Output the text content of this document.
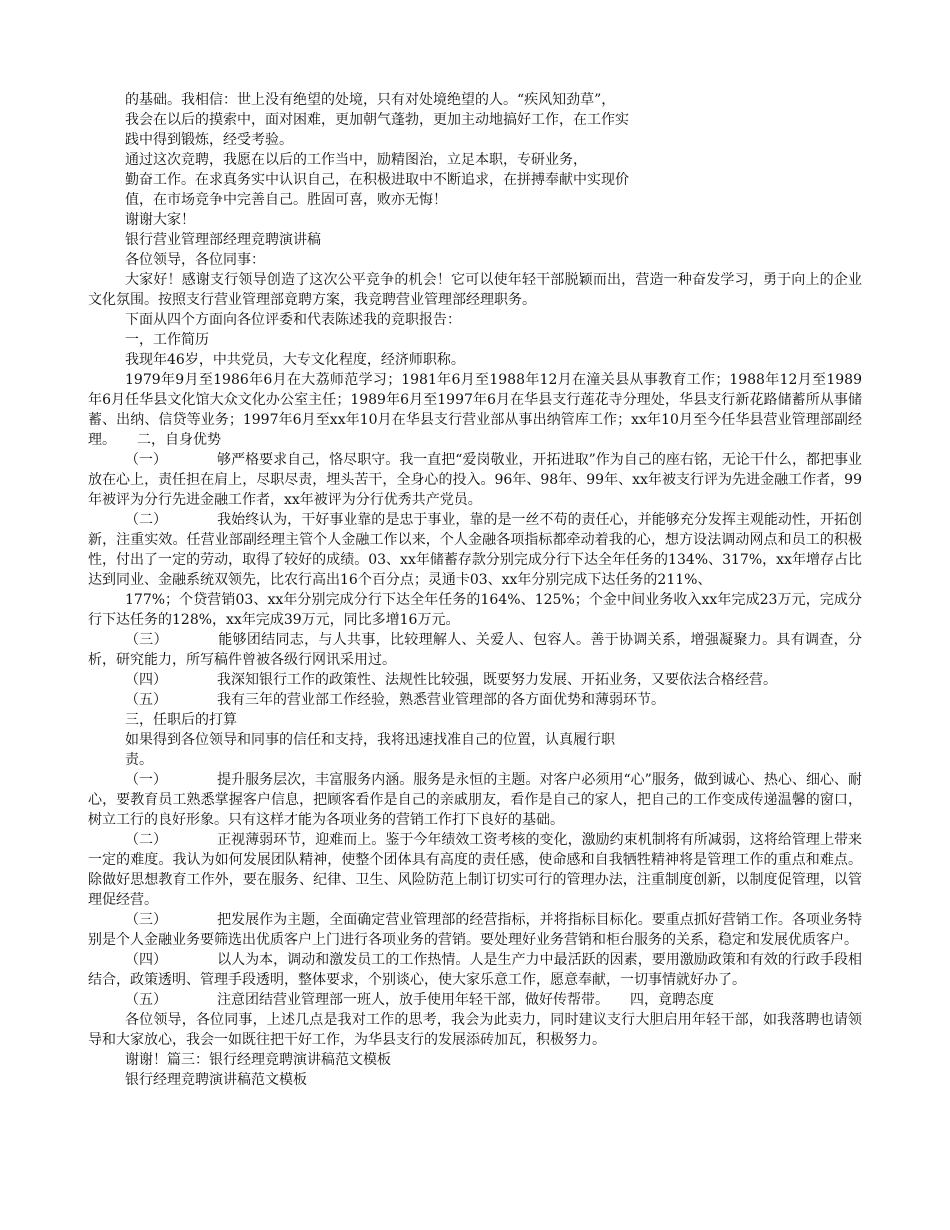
的基础。我相信：世上没有绝望的处境，只有对处境绝望的人。“疾风知劲草”，
我会在以后的摸索中，面对困难，更加朝气蓬勃，更加主动地搞好工作，在工作实
践中得到锻炼，经受考验。
通过这次竞聘，我愿在以后的工作当中，励精图治，立足本职，专研业务，
勤奋工作。在求真务实中认识自己，在积极进取中不断追求，在拼搏奉献中实现价
值，在市场竞争中完善自己。胜固可喜，败亦无悔！
谢谢大家！
银行营业管理部经理竞聘演讲稿
各位领导，各位同事：
大家好！感谢支行领导创造了这次公平竞争的机会！它可以使年轻干部脱颖而出，营造一种奋发学习，勇于向上的企业文化氛围。按照支行营业管理部竟聘方案，我竞聘营业管理部经理职务。
下面从四个方面向各位评委和代表陈述我的竞职报告：
一，工作简历
我现年46岁，中共党员，大专文化程度，经济师职称。
1979年9月至1986年6月在大荔师范学习；1981年6月至1988年12月在潼关县从事教育工作；1988年12月至1989年6月任华县文化馆大众文化办公室主任；1989年6月至1997年6月在华县支行莲花寺分理处，华县支行新花路储蓄所从事储蓄、出纳、信贷等业务；1997年6月至xx年10月在华县支行营业部从事出纳管库工作；xx年10月至今任华县营业管理部副经理。　　二，自身优势
（一）	够严格要求自己，恪尽职守。我一直把“爱岗敬业，开拓进取”作为自己的座右铭，无论干什么，都把事业放在心上，责任担在肩上，尽职尽责，埋头苦干，全身心的投入。96年、98年、99年、xx年被支行评为先进金融工作者，99年被评为分行先进金融工作者，xx年被评为分行优秀共产党员。
（二）	我始终认为，干好事业靠的是忠于事业，靠的是一丝不苟的责任心，并能够充分发挥主观能动性，开拓创新，注重实效。任营业部副经理主管个人金融工作以来，个人金融各项指标都牵动着我的心，想方设法调动网点和员工的积极性，付出了一定的劳动，取得了较好的成绩。03、xx年储蓄存款分别完成分行下达全年任务的134%、317%，xx年增存占比达到同业、金融系统双领先，比农行高出16个百分点；灵通卡03、xx年分别完成下达任务的211%、
177%；个贷营销03、xx年分别完成分行下达全年任务的164%、125%；个金中间业务收入xx年完成23万元，完成分行下达任务的128%，xx年完成39万元，同比多增16万元。
（三）	能够团结同志，与人共事，比较理解人、关爱人、包容人。善于协调关系，增强凝聚力。具有调查，分析，研究能力，所写稿件曾被各级行网讯采用过。
（四）	我深知银行工作的政策性、法规性比较强，既要努力发展、开拓业务，又要依法合格经营。
（五）	我有三年的营业部工作经验，熟悉营业管理部的各方面优势和薄弱环节。
三，任职后的打算
如果得到各位领导和同事的信任和支持，我将迅速找准自己的位置，认真履行职
责。
（一）	提升服务层次，丰富服务内涵。服务是永恒的主题。对客户必须用“心”服务，做到诚心、热心、细心、耐心，要教育员工熟悉掌握客户信息，把顾客看作是自己的亲戚朋友，看作是自己的家人，把自己的工作变成传递温馨的窗口，树立工行的良好形象。只有这样才能为各项业务的营销工作打下良好的基础。
（二）	正视薄弱环节，迎难而上。鉴于今年绩效工资考核的变化，激励约束机制将有所减弱，这将给管理上带来一定的难度。我认为如何发展团队精神，使整个团体具有高度的责任感，使命感和自我牺牲精神将是管理工作的重点和难点。除做好思想教育工作外，要在服务、纪律、卫生、风险防范上制订切实可行的管理办法，注重制度创新，以制度促管理，以管理促经营。
（三）	把发展作为主题，全面确定营业管理部的经营指标，并将指标目标化。要重点抓好营销工作。各项业务特别是个人金融业务要筛选出优质客户上门进行各项业务的营销。要处理好业务营销和柜台服务的关系，稳定和发展优质客户。
（四）	以人为本，调动和激发员工的工作热情。人是生产力中最活跃的因素，要用激励政策和有效的行政手段相结合，政策透明、管理手段透明，整体要求，个别谈心，使大家乐意工作，愿意奉献，一切事情就好办了。
（五）	注意团结营业管理部一班人，放手使用年轻干部，做好传帮带。　　四，竟聘态度
各位领导，各位同事，上述几点是我对工作的思考，我会为此卖力，同时建议支行大胆启用年轻干部，如我落聘也请领导和大家放心，我会一如既往把干好工作，为华县支行的发展添砖加瓦，积极努力。
谢谢！篇三：银行经理竞聘演讲稿范文模板
银行经理竞聘演讲稿范文模板
